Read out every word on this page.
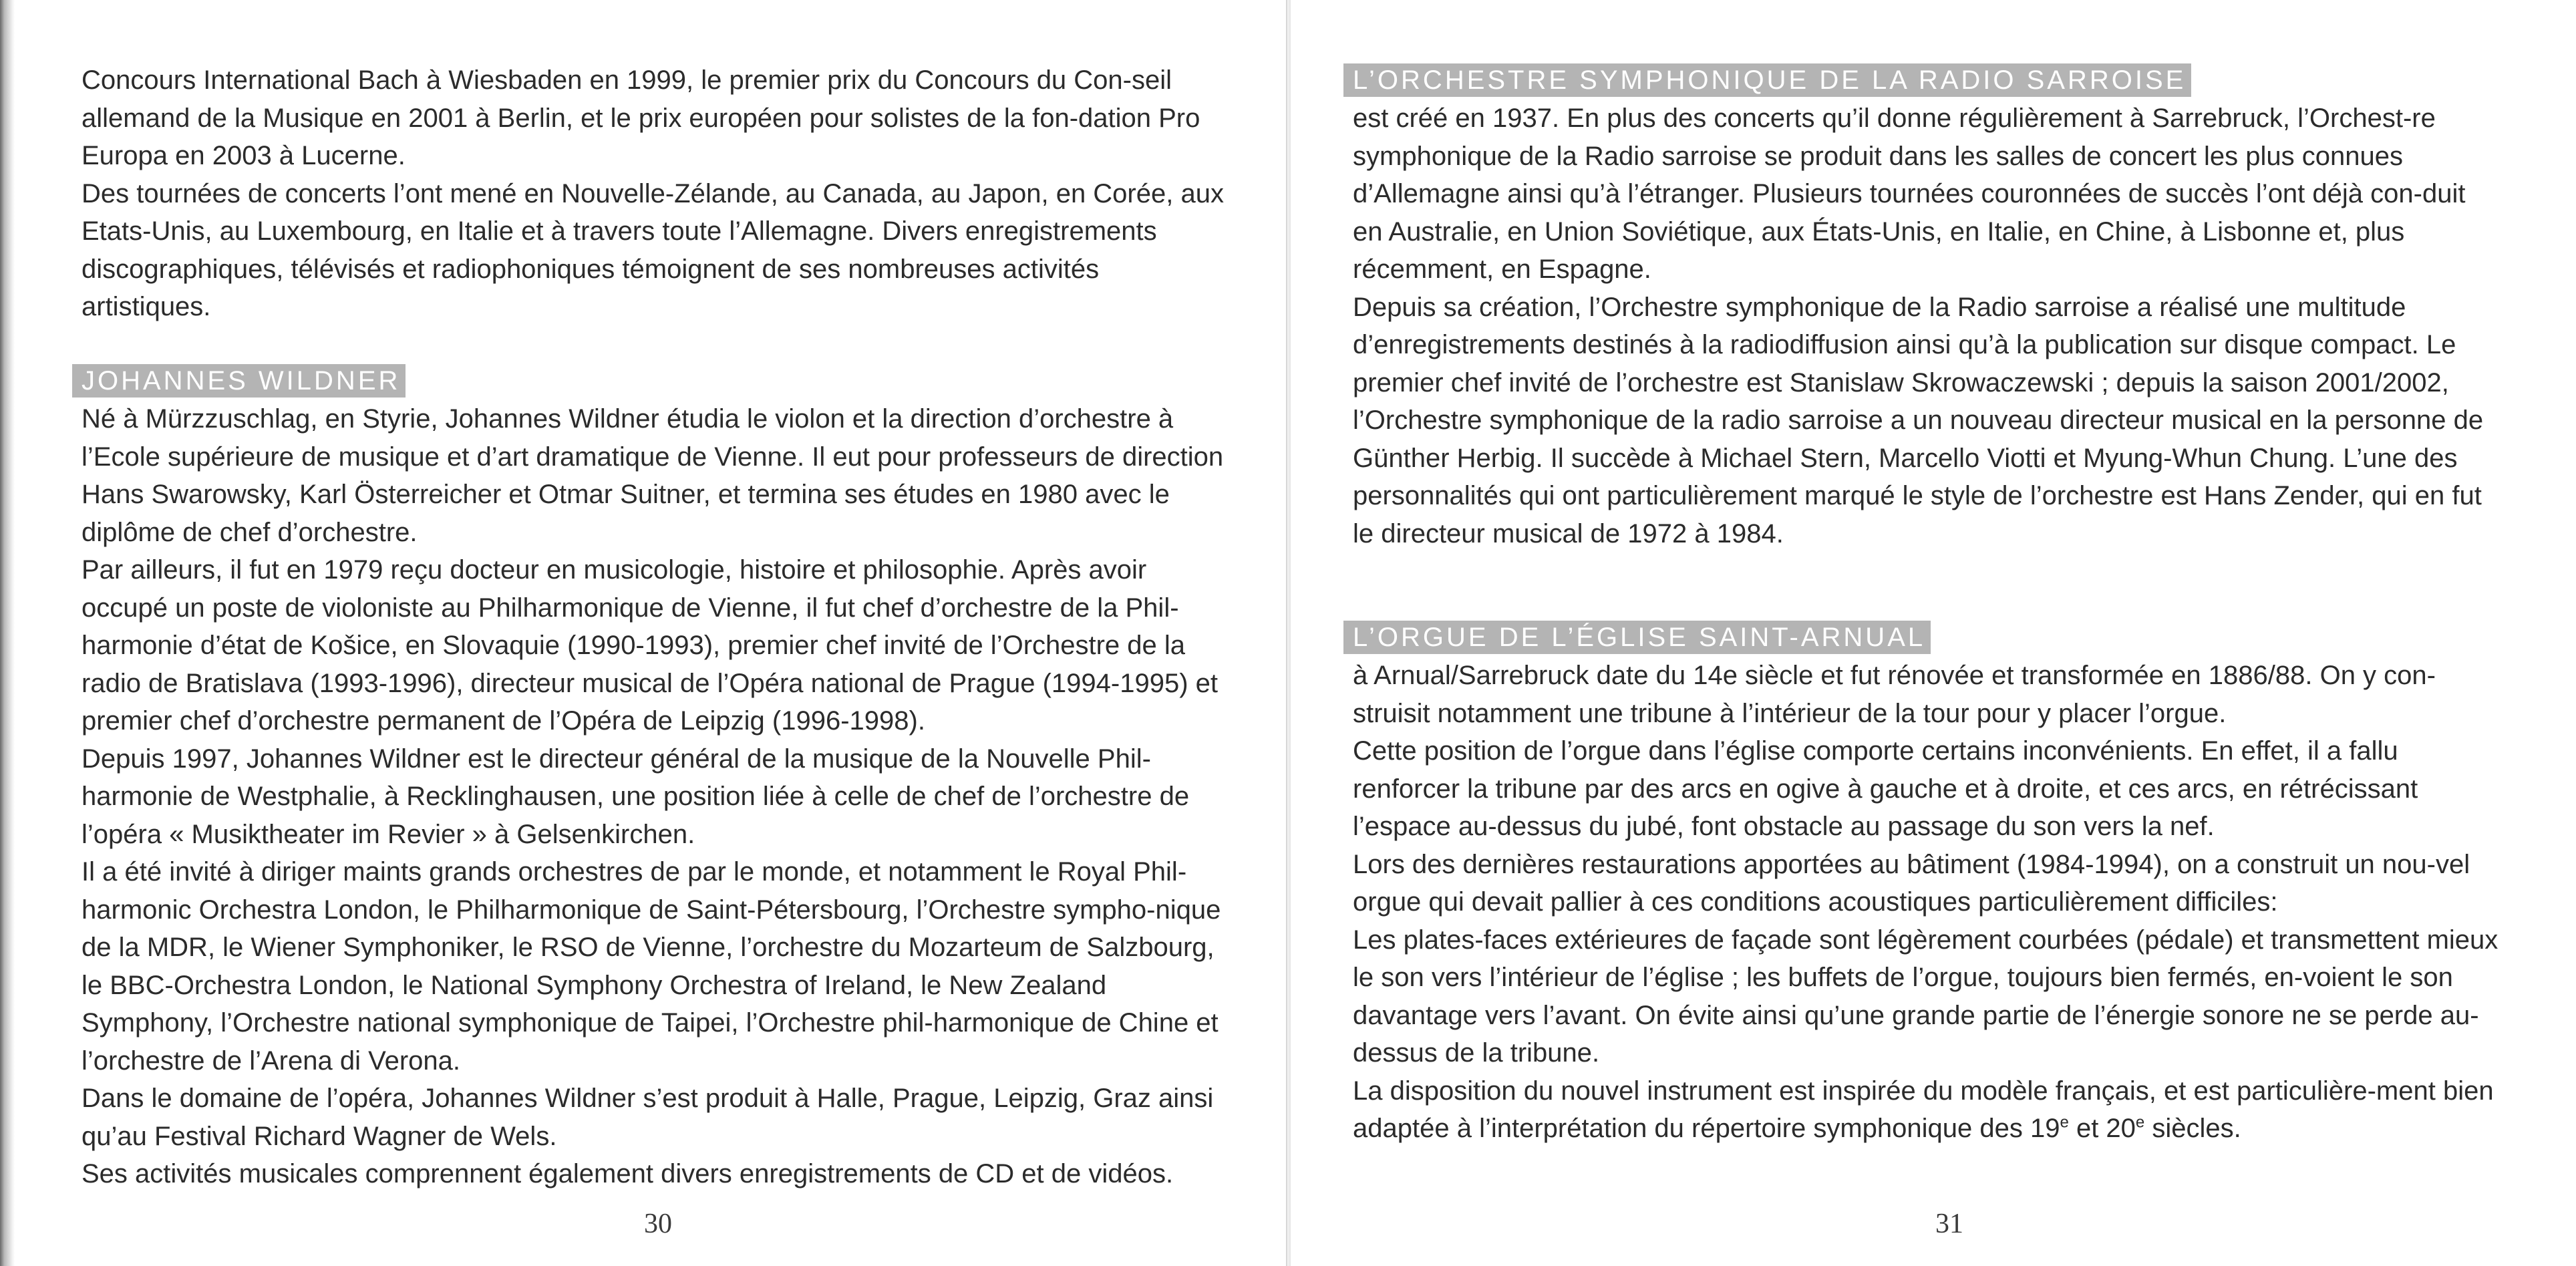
Concours International Bach à Wiesbaden en 1999, le premier prix du Concours du Con-seil allemand de la Musique en 2001 à Berlin, et le prix européen pour solistes de la fon-dation Pro Europa en 2003 à Lucerne.

Des tournées de concerts l’ont mené en Nouvelle-Zélande, au Canada, au Japon, en Corée, aux Etats-Unis, au Luxembourg, en Italie et à travers toute l’Allemagne. Divers enregistrements discographiques, télévisés et radiophoniques témoignent de ses nombreuses activités artistiques.

JOHANNES WILDNER

Né à Mürzzuschlag, en Styrie, Johannes Wildner étudia le violon et la direction d’orchestre à l’Ecole supérieure de musique et d’art dramatique de Vienne. Il eut pour professeurs de direction Hans Swarowsky, Karl Österreicher et Otmar Suitner, et termina ses études en 1980 avec le diplôme de chef d’orchestre.

Par ailleurs, il fut en 1979 reçu docteur en musicologie, histoire et philosophie. Après avoir occupé un poste de violoniste au Philharmonique de Vienne, il fut chef d’orchestre de la Phil-harmonie d’état de Košice, en Slovaquie (1990-1993), premier chef invité de l’Orchestre de la radio de Bratislava (1993-1996), directeur musical de l’Opéra national de Prague (1994-1995) et premier chef d’orchestre permanent de l’Opéra de Leipzig (1996-1998).

Depuis 1997, Johannes Wildner est le directeur général de la musique de la Nouvelle Phil-harmonie de Westphalie, à Recklinghausen, une position liée à celle de chef de l’orchestre de l’opéra « Musiktheater im Revier » à Gelsenkirchen.

Il a été invité à diriger maints grands orchestres de par le monde, et notamment le Royal Phil-harmonic Orchestra London, le Philharmonique de Saint-Pétersbourg, l’Orchestre sympho-nique de la MDR, le Wiener Symphoniker, le RSO de Vienne, l’orchestre du Mozarteum de Salzbourg, le BBC-Orchestra London, le National Symphony Orchestra of Ireland, le New Zealand Symphony, l’Orchestre national symphonique de Taipei, l’Orchestre phil-harmonique de Chine et l’orchestre de l’Arena di Verona.

Dans le domaine de l’opéra, Johannes Wildner s’est produit à Halle, Prague, Leipzig, Graz ainsi qu’au Festival Richard Wagner de Wels.

Ses activités musicales comprennent également divers enregistrements de CD et de vidéos.

30
L’ORCHESTRE SYMPHONIQUE DE LA RADIO SARROISE

est créé en 1937. En plus des concerts qu’il donne régulièrement à Sarrebruck, l’Orchest-re symphonique de la Radio sarroise se produit dans les salles de concert les plus connues d’Allemagne ainsi qu’à l’étranger. Plusieurs tournées couronnées de succès l’ont déjà con-duit en Australie, en Union Soviétique, aux États-Unis, en Italie, en Chine, à Lisbonne et, plus récemment, en Espagne.

Depuis sa création, l’Orchestre symphonique de la Radio sarroise a réalisé une multitude d’enregistrements destinés à la radiodiffusion ainsi qu’à la publication sur disque compact. Le premier chef invité de l’orchestre est Stanislaw Skrowaczewski ; depuis la saison 2001/2002, l’Orchestre symphonique de la radio sarroise a un nouveau directeur musical en la personne de Günther Herbig. Il succède à Michael Stern, Marcello Viotti et Myung-Whun Chung. L’une des personnalités qui ont particulièrement marqué le style de l’orchestre est Hans Zender, qui en fut le directeur musical de 1972 à 1984.

L’ORGUE DE L’ÉGLISE SAINT-ARNUAL

à Arnual/Sarrebruck date du 14e siècle et fut rénovée et transformée en 1886/88. On y con-struisit notamment une tribune à l’intérieur de la tour pour y placer l’orgue.

Cette position de l’orgue dans l’église comporte certains inconvénients. En effet, il a fallu renforcer la tribune par des arcs en ogive à gauche et à droite, et ces arcs, en rétrécissant l’espace au-dessus du jubé, font obstacle au passage du son vers la nef.

Lors des dernières restaurations apportées au bâtiment (1984-1994), on a construit un nou-vel orgue qui devait pallier à ces conditions acoustiques particulièrement difficiles:

Les plates-faces extérieures de façade sont légèrement courbées (pédale) et transmettent mieux le son vers l’intérieur de l’église ; les buffets de l’orgue, toujours bien fermés, en-voient le son davantage vers l’avant. On évite ainsi qu’une grande partie de l’énergie sonore ne se perde au-dessus de la tribune.

La disposition du nouvel instrument est inspirée du modèle français, et est particulière-ment bien adaptée à l’interprétation du répertoire symphonique des 19e et 20e siècles.

31
